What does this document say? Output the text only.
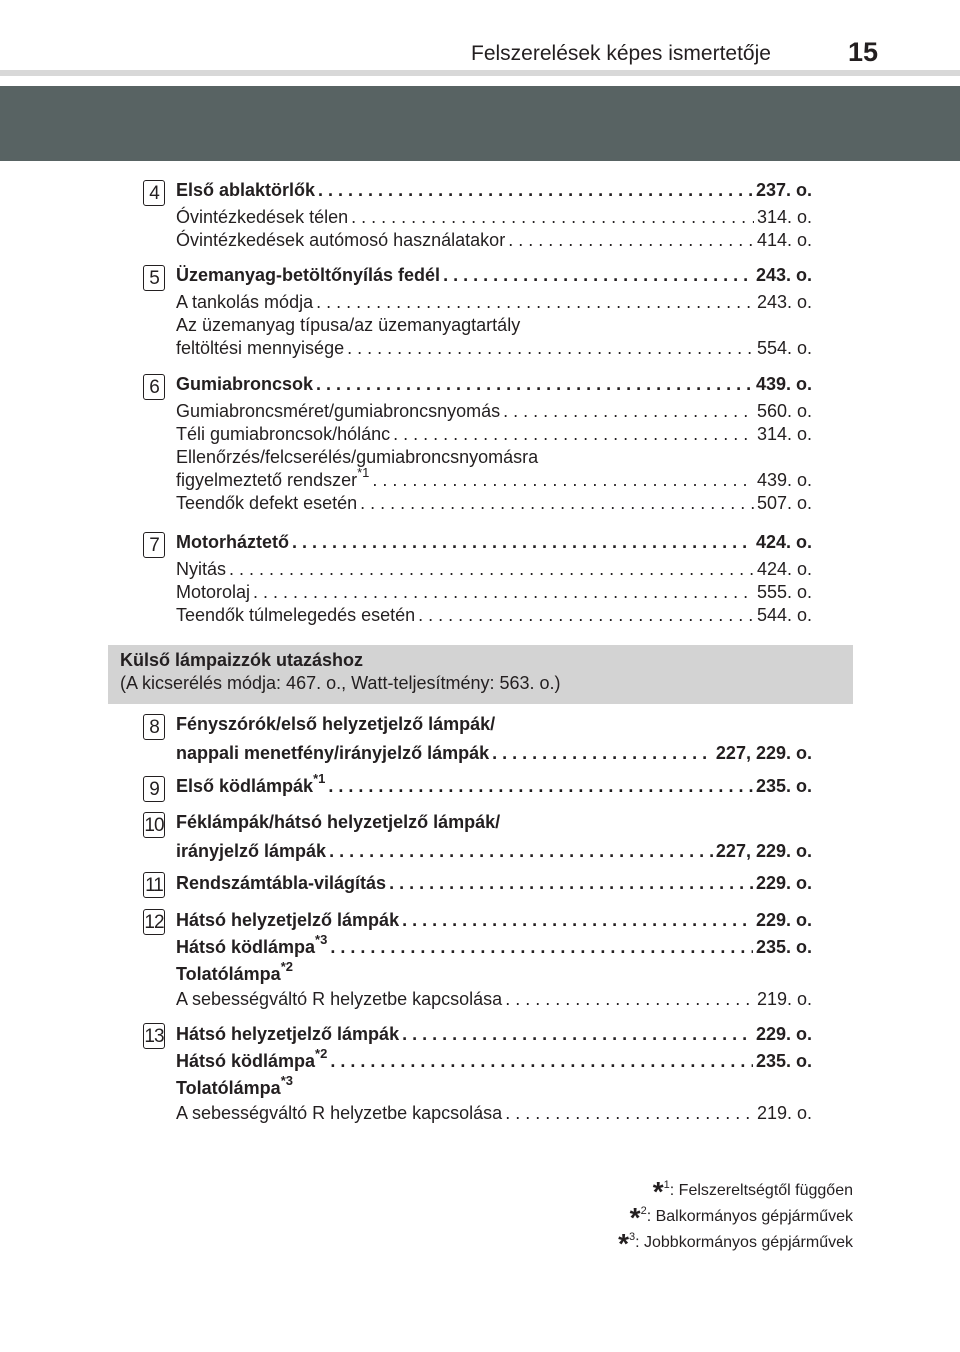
Felszerelések képes ismertetője	15
4 Első ablaktörlők . . .	237. o.
Óvintézkedések télen . . .	314. o.
Óvintézkedések autómosó használatakor . . .	414. o.
5 Üzemanyag-betöltőnyílás fedél . . .	243. o.
A tankolás módja . . .	243. o.
Az üzemanyag típusa/az üzemanyagtartály
feltöltési mennyisége . . .	554. o.
6 Gumiabroncsok . . .	439. o.
Gumiabroncsméret/gumiabroncsnyomás . . .	560. o.
Téli gumiabroncsok/hólánc . . .	314. o.
Ellenőrzés/felcserélés/gumiabroncsnyomásra
figyelmeztető rendszer$^{*1}$ . . .	439. o.
Teendők defekt esetén . . .	507. o.
7 Motorháztető . . .	424. o.
Nyitás . . .	424. o.
Motorolaj . . .	555. o.
Teendők túlmelegedés esetén . . .	544. o.
Külső lámpaizzók utazáshoz
(A kicserélés módja: 467. o., Watt-teljesítmény: 563. o.)
8 Fényszórók/első helyzetjelző lámpák/
nappali menetfény/irányjelző lámpák . . .	227, 229. o.
9 Első ködlámpák$^{*1}$ . . .	235. o.
10 Féklámpák/hátsó helyzetjelző lámpák/
irányjelző lámpák . . .	227, 229. o.
11 Rendszámtábla-világítás . . .	229. o.
12 Hátsó helyzetjelző lámpák . . .	229. o.
Hátsó ködlámpa$^{*3}$ . . .	235. o.
Tolatólámpa$^{*2}$
A sebességváltó R helyzetbe kapcsolása . . .	219. o.
13 Hátsó helyzetjelző lámpák . . .	229. o.
Hátsó ködlámpa$^{*2}$ . . .	235. o.
Tolatólámpa$^{*3}$
A sebességváltó R helyzetbe kapcsolása . . .	219. o.
*$^1$: Felszereltségtől függően
*$^2$: Balkormányos gépjárművek
*$^3$: Jobbkormányos gépjárművek
